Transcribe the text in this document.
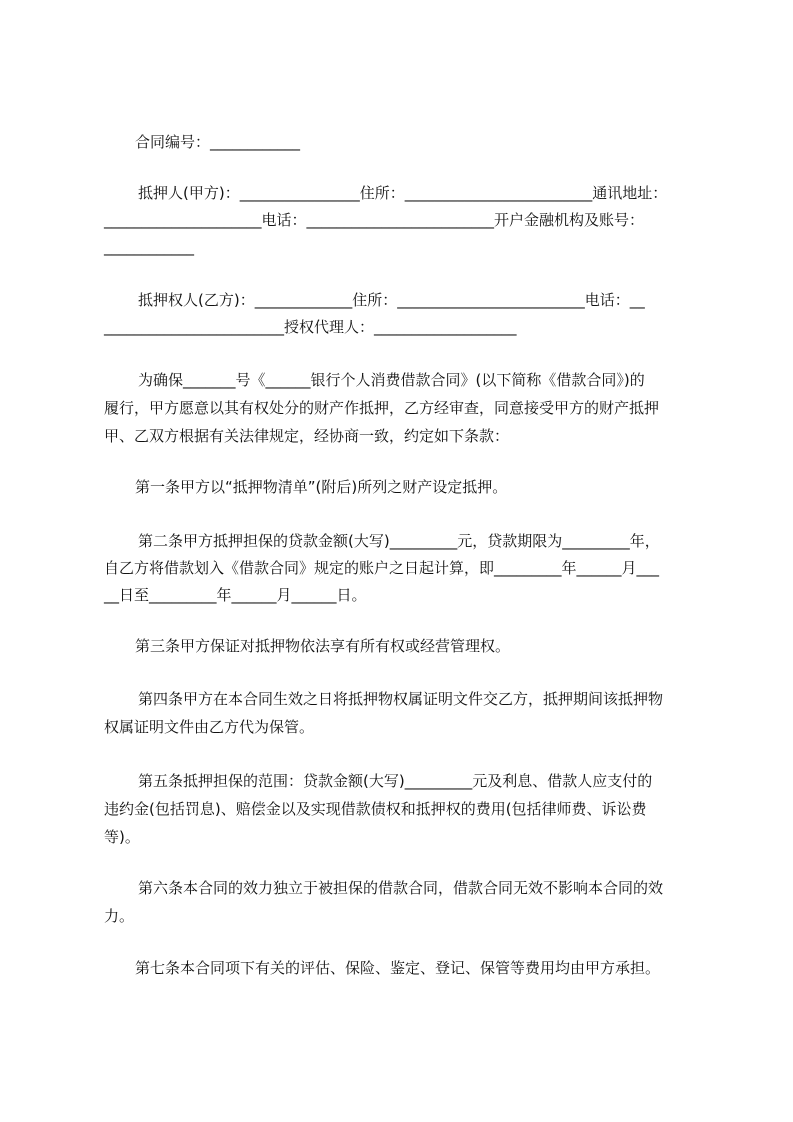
合同编号：____________

抵押人(甲方)：________________住所：_________________________通讯地址：

_____________________电话：_________________________开户金融机构及账号：

____________

抵押权人(乙方)：_____________住所：_________________________电话：__

________________________授权代理人：___________________

为确保_______号《______银行个人消费借款合同》(以下简称《借款合同》)的

履行，甲方愿意以其有权处分的财产作抵押，乙方经审查，同意接受甲方的财产抵押

甲、乙双方根据有关法律规定，经协商一致，约定如下条款：

第一条甲方以“抵押物清单”(附后)所列之财产设定抵押。

第二条甲方抵押担保的贷款金额(大写)_________元，贷款期限为_________年，

自乙方将借款划入《借款合同》规定的账户之日起计算，即_________年______月___

__日至_________年______月______日。

第三条甲方保证对抵押物依法享有所有权或经营管理权。

第四条甲方在本合同生效之日将抵押物权属证明文件交乙方，抵押期间该抵押物

权属证明文件由乙方代为保管。

第五条抵押担保的范围：贷款金额(大写)_________元及利息、借款人应支付的

违约金(包括罚息)、赔偿金以及实现借款债权和抵押权的费用(包括律师费、诉讼费

等)。

第六条本合同的效力独立于被担保的借款合同，借款合同无效不影响本合同的效

力。

第七条本合同项下有关的评估、保险、鉴定、登记、保管等费用均由甲方承担。
